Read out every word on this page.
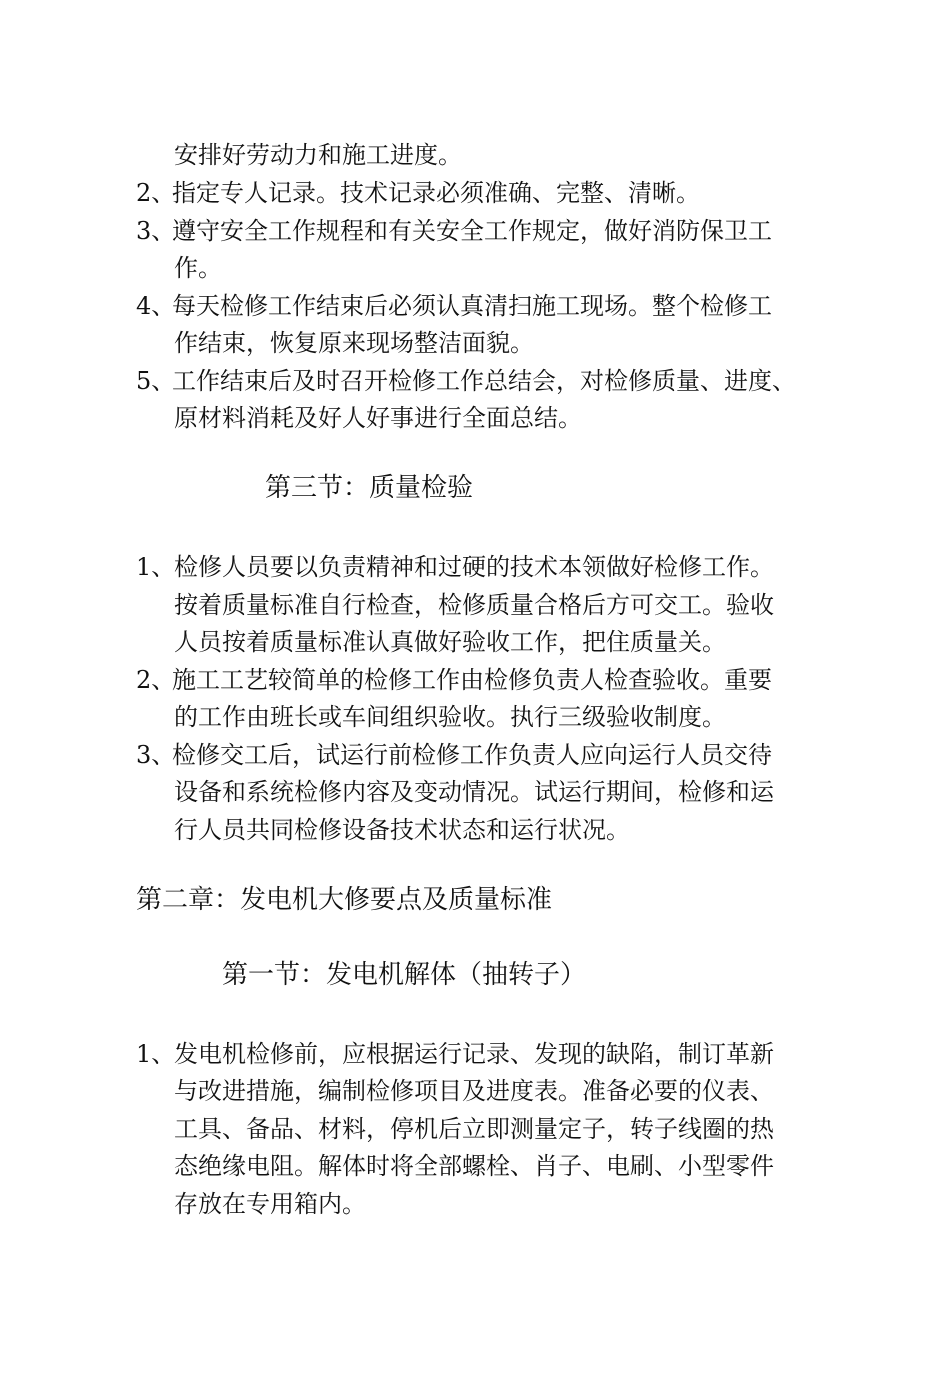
安排好劳动力和施工进度。
2、
指定专人记录。技术记录必须准确、完整、清晰。
3、
遵守安全工作规程和有关安全工作规定，做好消防保卫工
作。
4、
每天检修工作结束后必须认真清扫施工现场。整个检修工
作结束，恢复原来现场整洁面貌。
5、
工作结束后及时召开检修工作总结会，对检修质量、进度、
原材料消耗及好人好事进行全面总结。
第三节：质量检验
1、
检修人员要以负责精神和过硬的技术本领做好检修工作。
按着质量标准自行检查，检修质量合格后方可交工。验收
人员按着质量标准认真做好验收工作，把住质量关。
2、
施工工艺较简单的检修工作由检修负责人检查验收。重要
的工作由班长或车间组织验收。执行三级验收制度。
3、
检修交工后，试运行前检修工作负责人应向运行人员交待
设备和系统检修内容及变动情况。试运行期间，检修和运
行人员共同检修设备技术状态和运行状况。
第二章：发电机大修要点及质量标准
第一节：发电机解体（抽转子）
1、
发电机检修前，应根据运行记录、发现的缺陷，制订革新
与改进措施，编制检修项目及进度表。准备必要的仪表、
工具、备品、材料，停机后立即测量定子，转子线圈的热
态绝缘电阻。解体时将全部螺栓、肖子、电刷、小型零件
存放在专用箱内。
